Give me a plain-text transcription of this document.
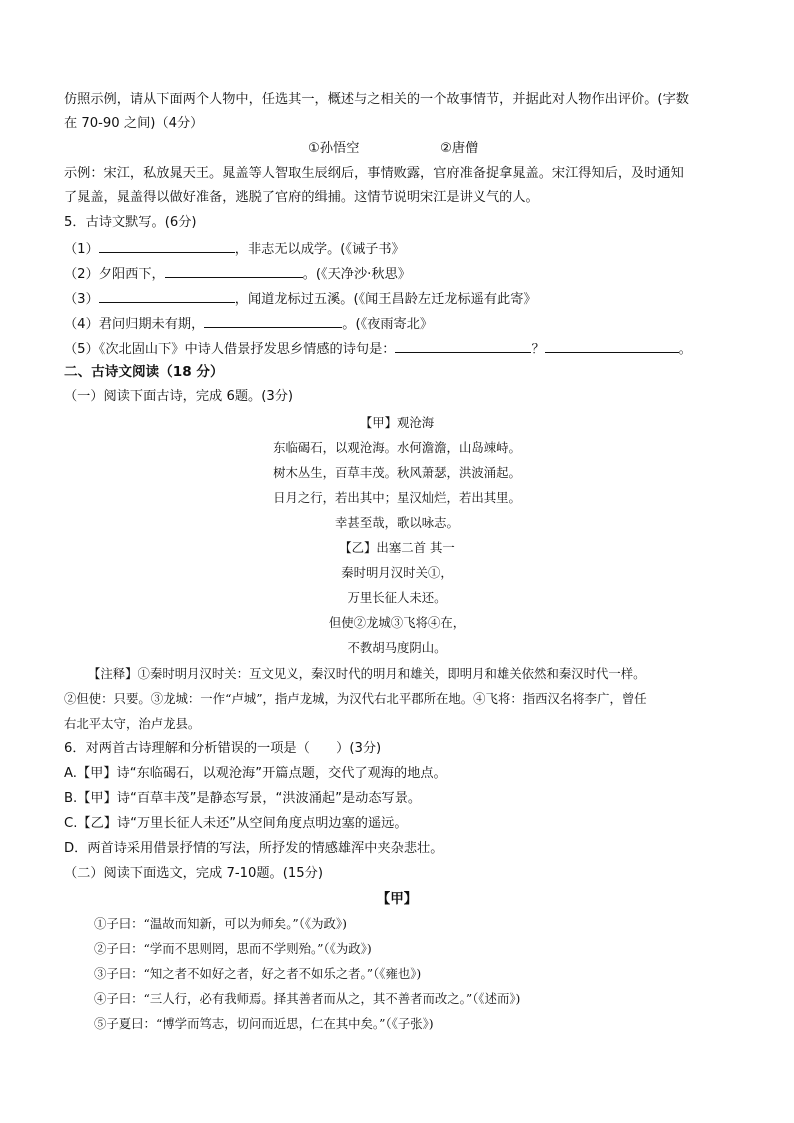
仿照示例，请从下面两个人物中，任选其一，概述与之相关的一个故事情节，并据此对人物作出评价。(字数
在 70-90 之间)（4分）
①孙悟空	②唐僧
示例：宋江，私放晁天王。晁盖等人智取生辰纲后，事情败露，官府准备捉拿晁盖。宋江得知后，及时通知
了晁盖，晁盖得以做好准备，逃脱了官府的缉捕。这情节说明宋江是讲义气的人。
5．古诗文默写。(6分)
（1）	，非志无以成学。(《诫子书》
（2）夕阳西下，	。(《天净沙·秋思》
（3）	，闻道龙标过五溪。(《闻王昌龄左迁龙标遥有此寄》
（4）君问归期未有期，	。(《夜雨寄北》
（5）《次北固山下》中诗人借景抒发思乡情感的诗句是：	？	。
二、古诗文阅读（18 分）
（一）阅读下面古诗，完成 6题。(3分)
【甲】观沧海
东临碣石，以观沧海。水何澹澹，山岛竦峙。
树木丛生，百草丰茂。秋风萧瑟，洪波涌起。
日月之行，若出其中；星汉灿烂，若出其里。
幸甚至哉，歌以咏志。
【乙】出塞二首 其一
秦时明月汉时关①，
万里长征人未还。
但使②龙城③飞将④在，
不教胡马度阴山。
【注释】①秦时明月汉时关：互文见义，秦汉时代的明月和雄关，即明月和雄关依然和秦汉时代一样。
②但使：只要。③龙城：一作“卢城”，指卢龙城，为汉代右北平郡所在地。④飞将：指西汉名将李广，曾任
右北平太守，治卢龙县。
6．对两首古诗理解和分析错误的一项是（　　）(3分)
A.【甲】诗“东临碣石，以观沧海”开篇点题，交代了观海的地点。
B.【甲】诗“百草丰茂”是静态写景，“洪波涌起”是动态写景。
C.【乙】诗“万里长征人未还”从空间角度点明边塞的遥远。
D．两首诗采用借景抒情的写法，所抒发的情感雄浑中夹杂悲壮。
（二）阅读下面选文，完成 7-10题。(15分)
【甲】
①子曰：“温故而知新，可以为师矣。”（《为政》)
②子曰：“学而不思则罔，思而不学则殆。”（《为政》)
③子曰：“知之者不如好之者，好之者不如乐之者。”（《雍也》)
④子曰：“三人行，必有我师焉。择其善者而从之，其不善者而改之。”（《述而》)
⑤子夏曰：“博学而笃志，切问而近思，仁在其中矣。”（《子张》)
